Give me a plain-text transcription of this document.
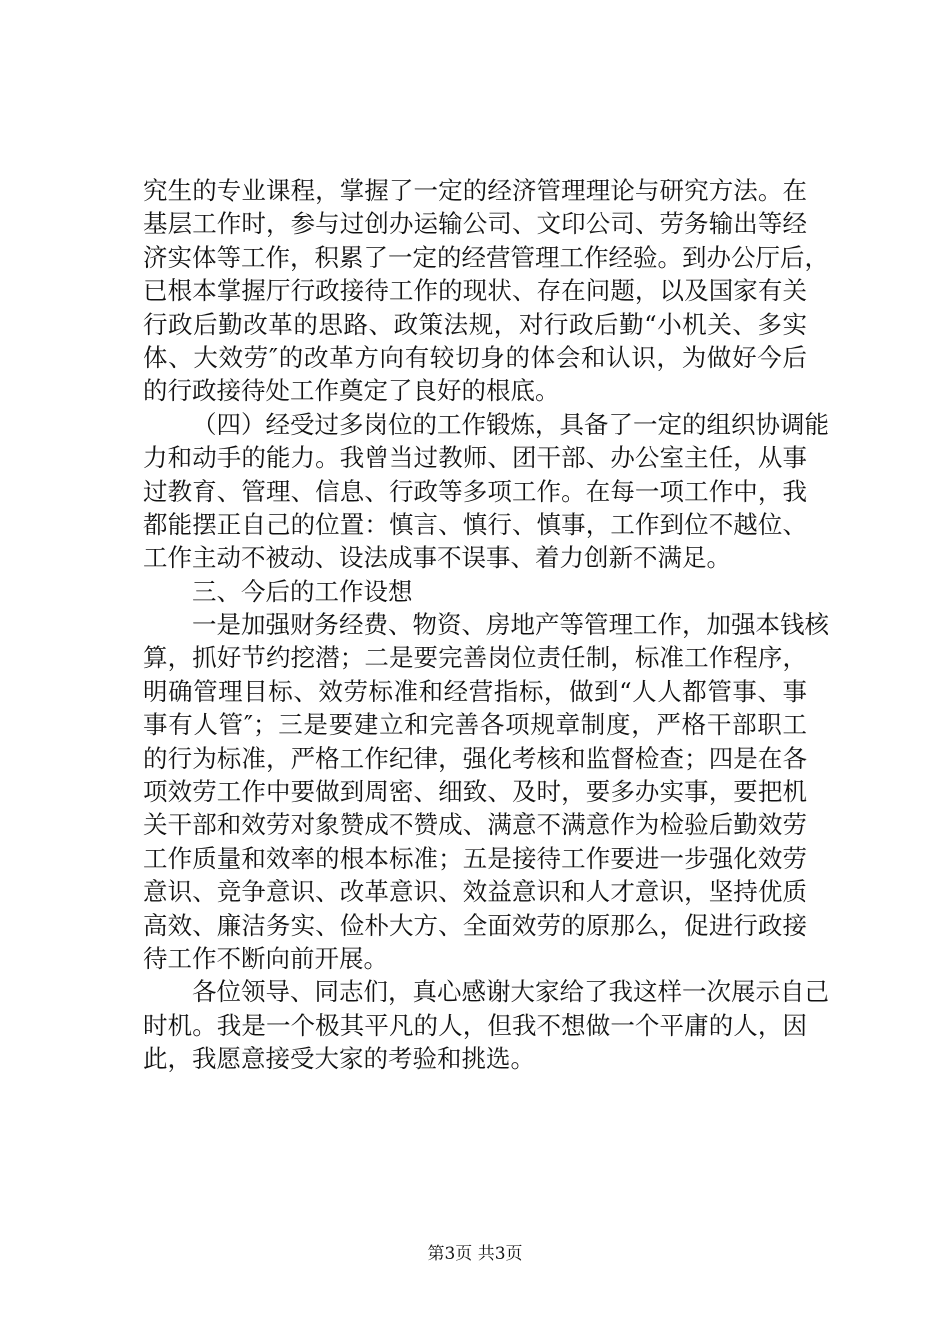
究生的专业课程，掌握了一定的经济管理理论与研究方法。在
基层工作时，参与过创办运输公司、文印公司、劳务输出等经
济实体等工作，积累了一定的经营管理工作经验。到办公厅后，
已根本掌握厅行政接待工作的现状、存在问题，以及国家有关
行政后勤改革的思路、政策法规，对行政后勤“小机关、多实
体、大效劳″的改革方向有较切身的体会和认识，为做好今后
的行政接待处工作奠定了良好的根底。
（四）经受过多岗位的工作锻炼，具备了一定的组织协调能
力和动手的能力。我曾当过教师、团干部、办公室主任，从事
过教育、管理、信息、行政等多项工作。在每一项工作中，我
都能摆正自己的位置：慎言、慎行、慎事，工作到位不越位、
工作主动不被动、设法成事不误事、着力创新不满足。
三、今后的工作设想
一是加强财务经费、物资、房地产等管理工作，加强本钱核
算，抓好节约挖潜；二是要完善岗位责任制，标准工作程序，
明确管理目标、效劳标准和经营指标，做到“人人都管事、事
事有人管″；三是要建立和完善各项规章制度，严格干部职工
的行为标准，严格工作纪律，强化考核和监督检查；四是在各
项效劳工作中要做到周密、细致、及时，要多办实事，要把机
关干部和效劳对象赞成不赞成、满意不满意作为检验后勤效劳
工作质量和效率的根本标准；五是接待工作要进一步强化效劳
意识、竞争意识、改革意识、效益意识和人才意识，坚持优质
高效、廉洁务实、俭朴大方、全面效劳的原那么，促进行政接
待工作不断向前开展。
各位领导、同志们，真心感谢大家给了我这样一次展示自己
时机。我是一个极其平凡的人，但我不想做一个平庸的人，因
此，我愿意接受大家的考验和挑选。
第3页 共3页
